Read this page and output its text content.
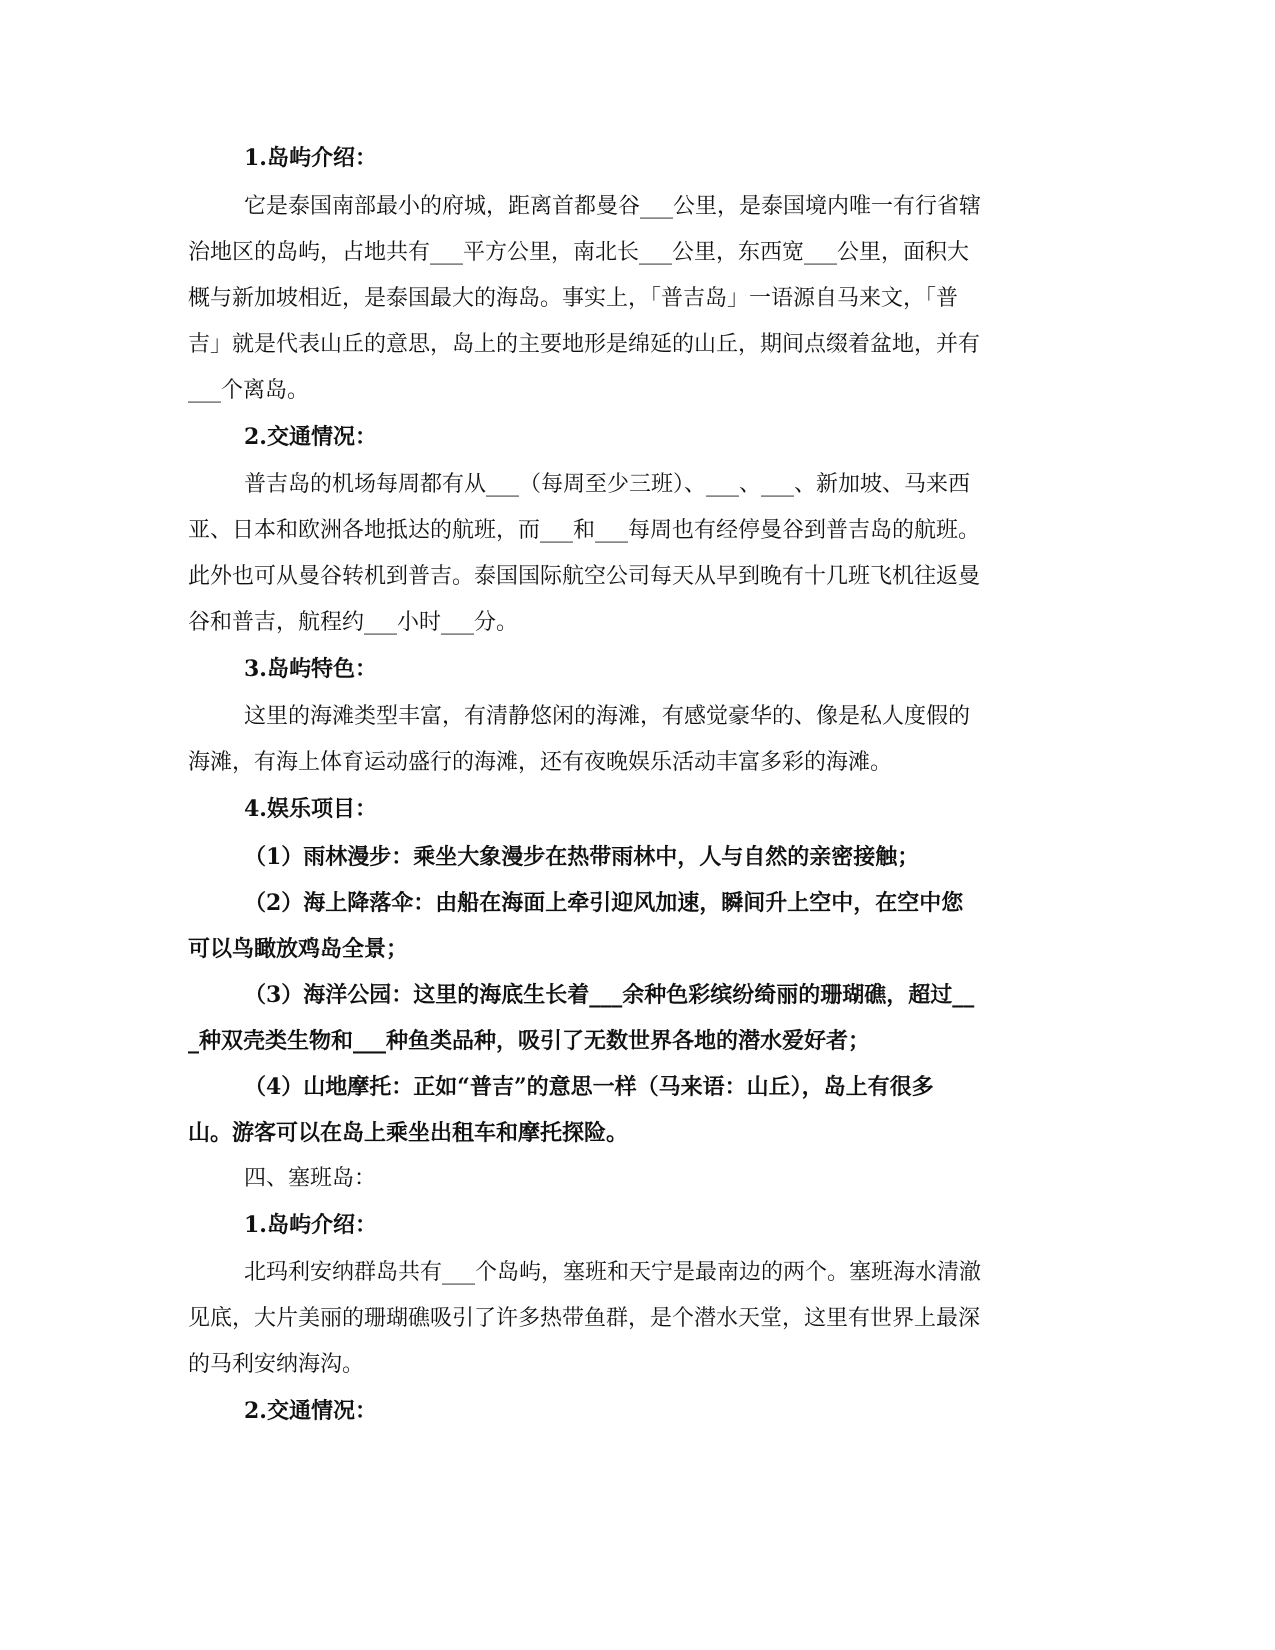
1.岛屿介绍：

它是泰国南部最小的府城，距离首都曼谷___公里，是泰国境内唯一有行省辖

治地区的岛屿，占地共有___平方公里，南北长___公里，东西宽___公里，面积大

概与新加坡相近，是泰国最大的海岛。事实上，「普吉岛」一语源自马来文，「普

吉」就是代表山丘的意思，岛上的主要地形是绵延的山丘，期间点缀着盆地，并有

___个离岛。

2.交通情况：

普吉岛的机场每周都有从___（每周至少三班）、___、___、新加坡、马来西

亚、日本和欧洲各地抵达的航班，而___和___每周也有经停曼谷到普吉岛的航班。

此外也可从曼谷转机到普吉。泰国国际航空公司每天从早到晚有十几班飞机往返曼

谷和普吉，航程约___小时___分。

3.岛屿特色：

这里的海滩类型丰富，有清静悠闲的海滩，有感觉豪华的、像是私人度假的

海滩，有海上体育运动盛行的海滩，还有夜晚娱乐活动丰富多彩的海滩。

4.娱乐项目：

（1）雨林漫步：乘坐大象漫步在热带雨林中，人与自然的亲密接触；

（2）海上降落伞：由船在海面上牵引迎风加速，瞬间升上空中，在空中您

可以鸟瞰放鸡岛全景；

（3）海洋公园：这里的海底生长着___余种色彩缤纷绮丽的珊瑚礁，超过__

_种双壳类生物和___种鱼类品种，吸引了无数世界各地的潜水爱好者；

（4）山地摩托：正如“普吉”的意思一样（马来语：山丘），岛上有很多

山。游客可以在岛上乘坐出租车和摩托探险。

四、塞班岛：

1.岛屿介绍：

北玛利安纳群岛共有___个岛屿，塞班和天宁是最南边的两个。塞班海水清澈

见底，大片美丽的珊瑚礁吸引了许多热带鱼群，是个潜水天堂，这里有世界上最深

的马利安纳海沟。

2.交通情况：
